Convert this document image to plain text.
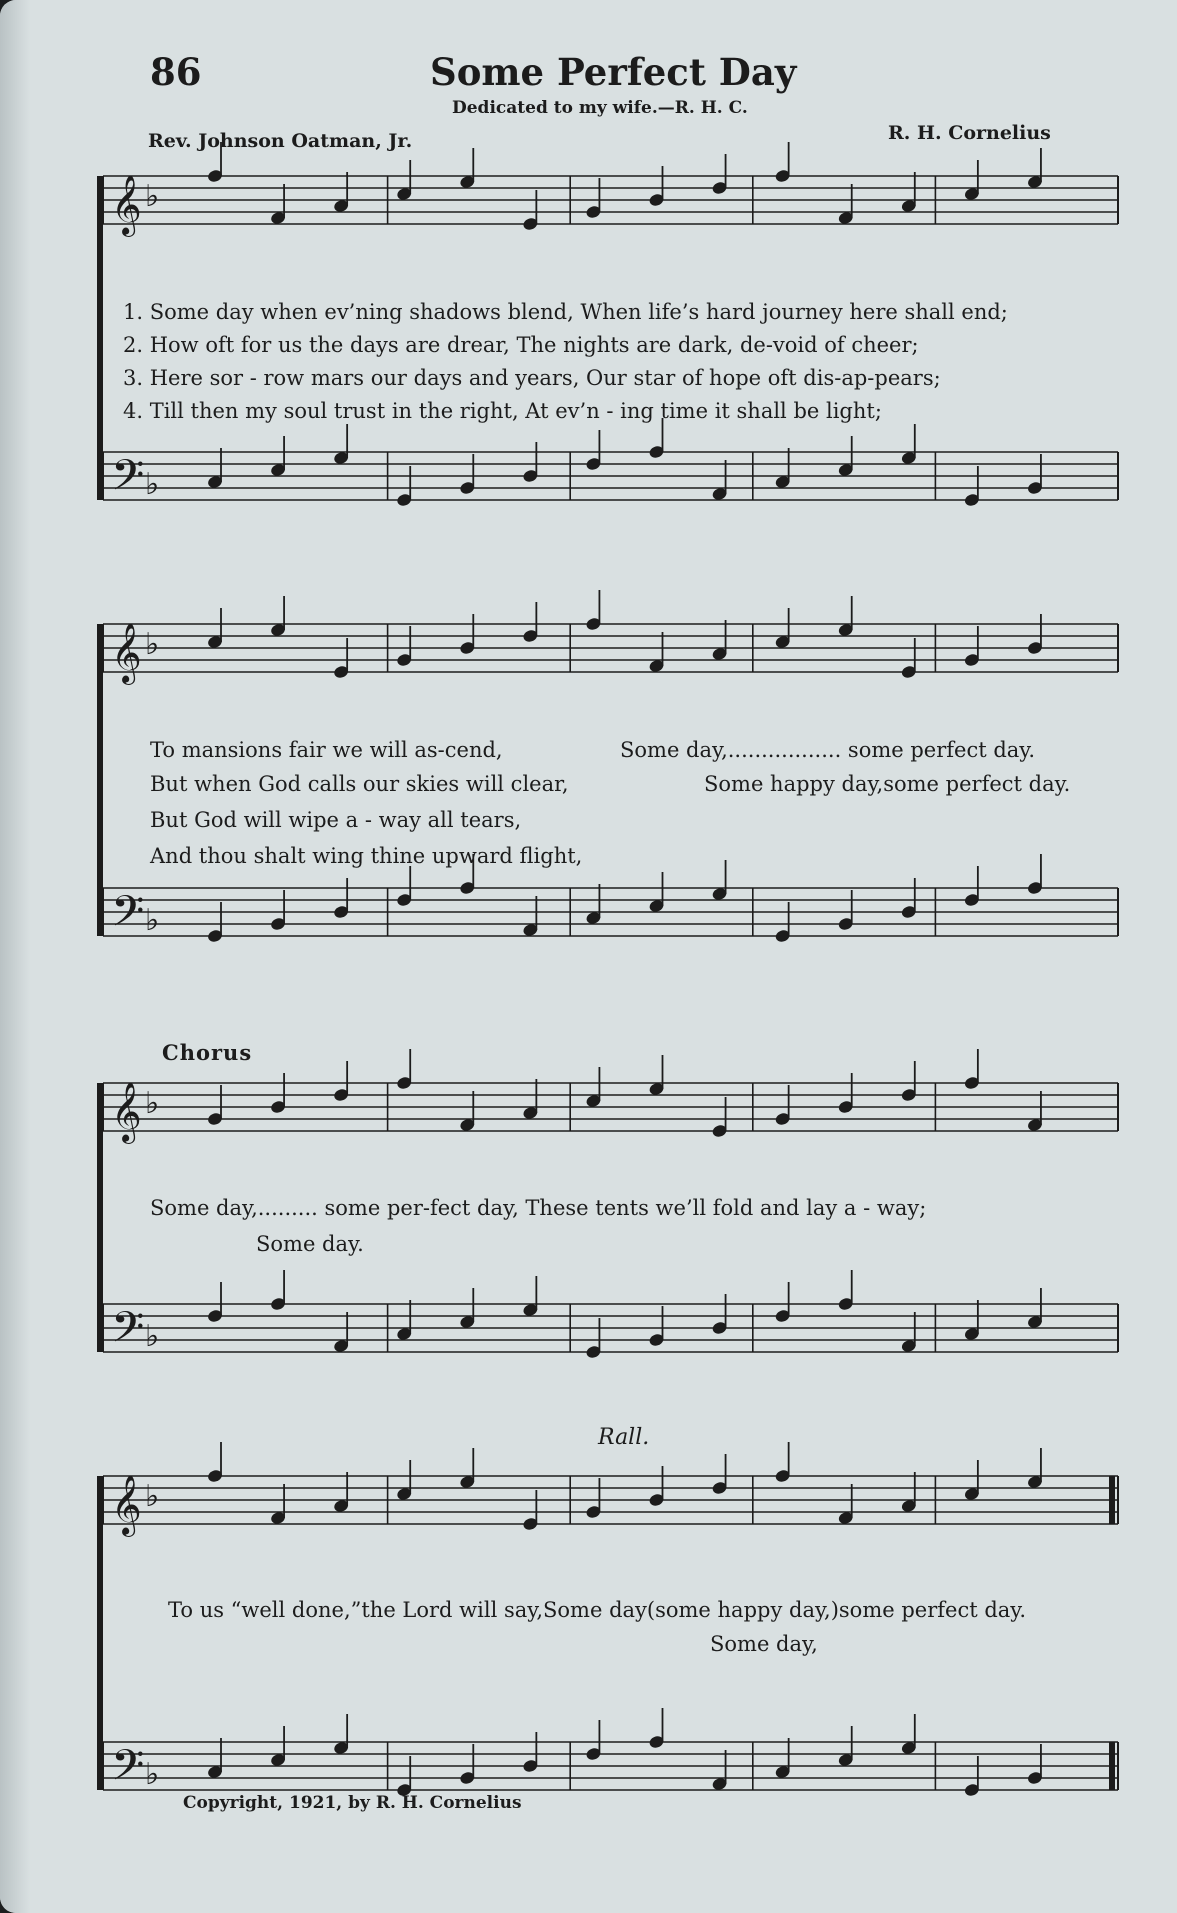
𝄞 ♭
𝄢 ♭
𝄞 ♭
𝄢 ♭
𝄞 ♭
𝄢 ♭
𝄞 ♭
𝄢 ♭
86	Some Perfect Day
Dedicated to my wife.—R. H. C.
Rev. Johnson Oatman, Jr.	R. H. Cornelius
1. Some day when ev’ning shadows blend, When life’s hard journey here shall end;
2. How oft for us the days are drear, The nights are dark, de-void of cheer;
3. Here sor - row mars our days and years, Our star of hope oft dis-ap-pears;
4. Till then my soul trust in the right, At ev’n - ing time it shall be light;
To mansions fair we will as-cend,
But when God calls our skies will clear,
But God will wipe a - way all tears,
And thou shalt wing thine upward flight,
Some day,................. some perfect day.
Some happy day,some perfect day.
Chorus
Some day,......... some per-fect day, These tents we’ll fold and lay a - way;
Some day.
Rall.
To us “well done,”the Lord will say,Some day(some happy day,)some perfect day.
Some day,
Copyright, 1921, by R. H. Cornelius
